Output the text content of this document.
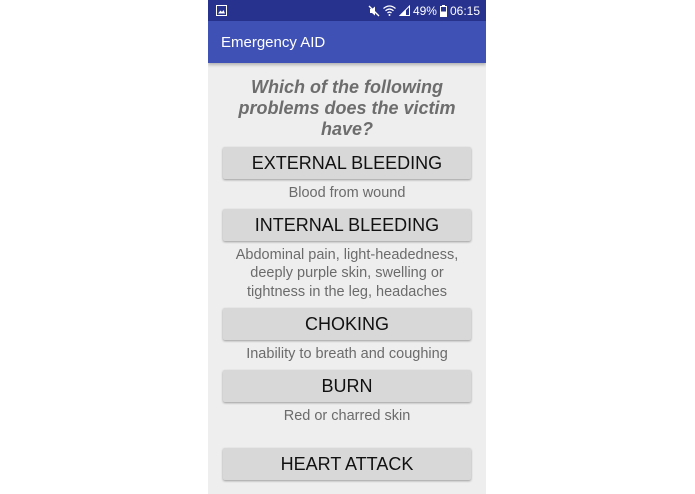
49% 06:15
Emergency AID

Which of the following problems does the victim have?

EXTERNAL BLEEDING

Blood from wound

INTERNAL BLEEDING

Abdominal pain, light-headedness, deeply purple skin, swelling or tightness in the leg, headaches

CHOKING

Inability to breath and coughing

BURN

Red or charred skin

HEART ATTACK
